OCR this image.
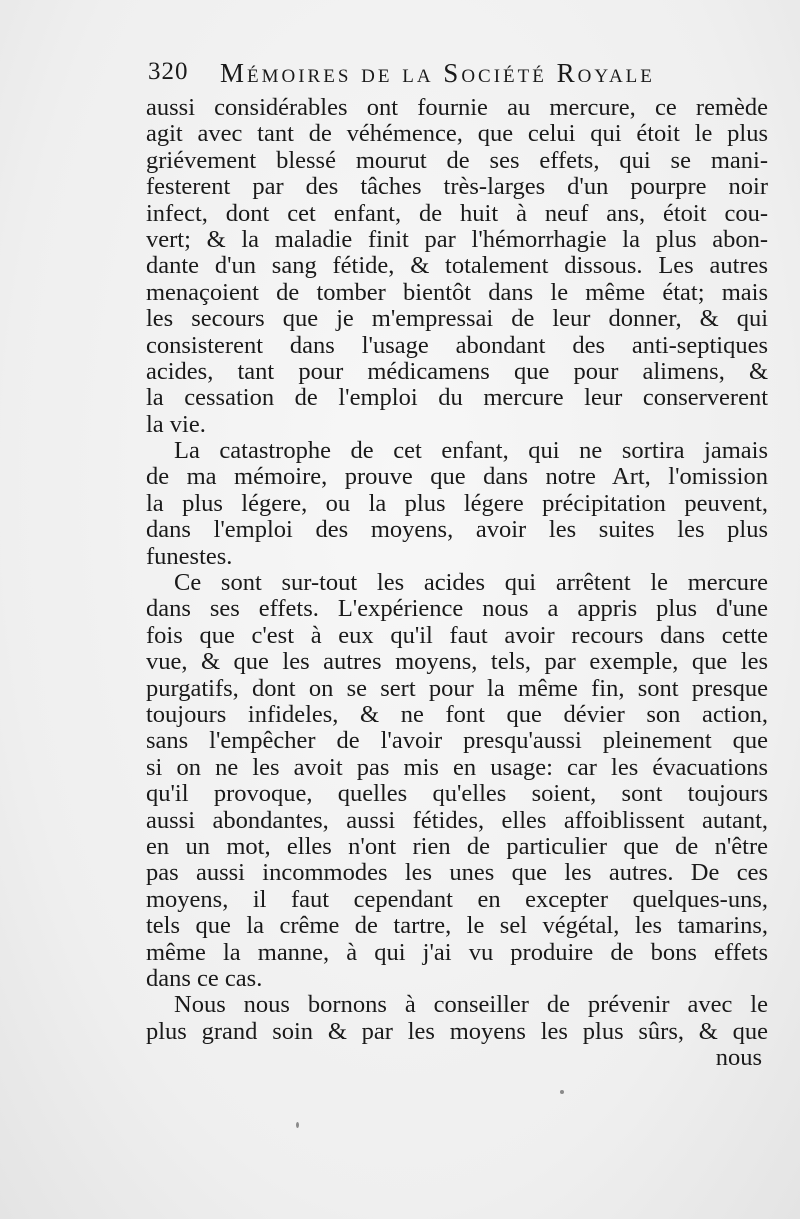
320 Mémoires de la Société Royale
aussi considérables ont fournie au mercure, ce remède
agit avec tant de véhémence, que celui qui étoit le plus
griévement blessé mourut de ses effets, qui se mani-
festerent par des tâches très-larges d'un pourpre noir
infect, dont cet enfant, de huit à neuf ans, étoit cou-
vert; & la maladie finit par l'hémorrhagie la plus abon-
dante d'un sang fétide, & totalement dissous. Les autres
menaçoient de tomber bientôt dans le même état; mais
les secours que je m'empressai de leur donner, & qui
consisterent dans l'usage abondant des anti-septiques
acides, tant pour médicamens que pour alimens, &
la cessation de l'emploi du mercure leur conserverent
la vie.
La catastrophe de cet enfant, qui ne sortira jamais
de ma mémoire, prouve que dans notre Art, l'omission
la plus légere, ou la plus légere précipitation peuvent,
dans l'emploi des moyens, avoir les suites les plus
funestes.
Ce sont sur-tout les acides qui arrêtent le mercure
dans ses effets. L'expérience nous a appris plus d'une
fois que c'est à eux qu'il faut avoir recours dans cette
vue, & que les autres moyens, tels, par exemple, que les
purgatifs, dont on se sert pour la même fin, sont presque
toujours infideles, & ne font que dévier son action,
sans l'empêcher de l'avoir presqu'aussi pleinement que
si on ne les avoit pas mis en usage: car les évacuations
qu'il provoque, quelles qu'elles soient, sont toujours
aussi abondantes, aussi fétides, elles affoiblissent autant,
en un mot, elles n'ont rien de particulier que de n'être
pas aussi incommodes les unes que les autres. De ces
moyens, il faut cependant en excepter quelques-uns,
tels que la crême de tartre, le sel végétal, les tamarins,
même la manne, à qui j'ai vu produire de bons effets
dans ce cas.
Nous nous bornons à conseiller de prévenir avec le
plus grand soin & par les moyens les plus sûrs, & que
nous
